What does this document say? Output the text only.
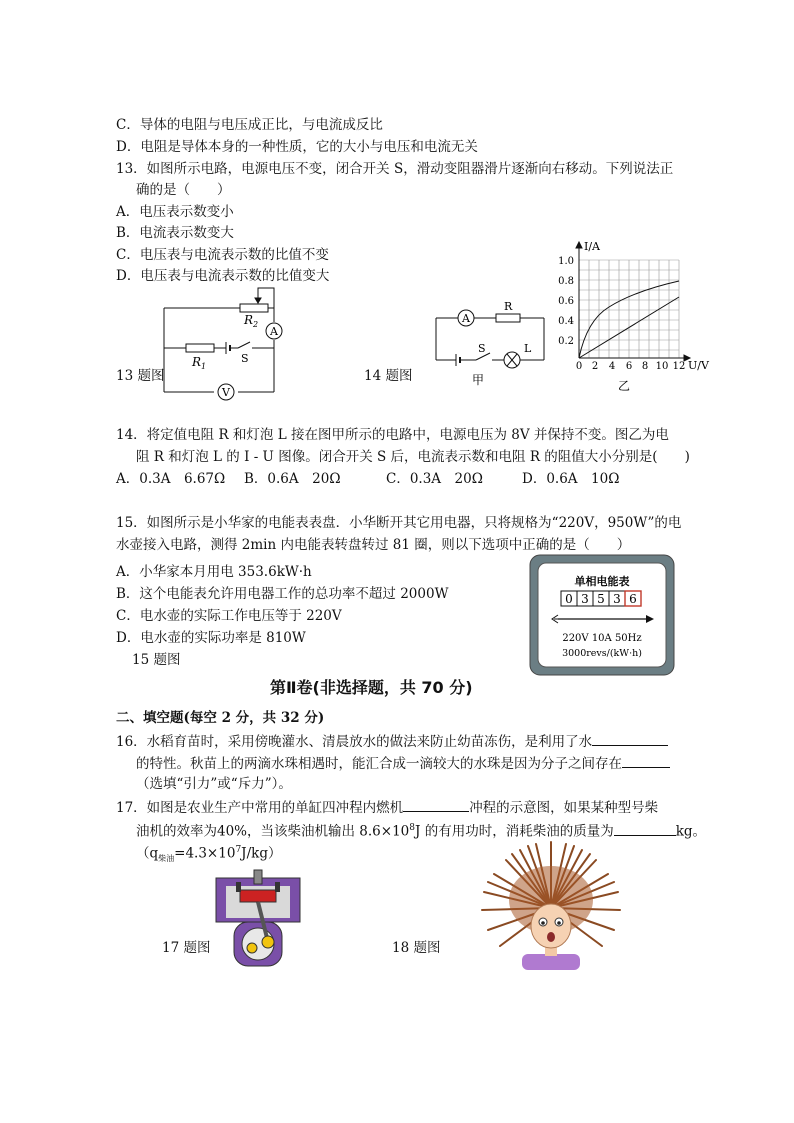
C．导体的电阻与电压成正比，与电流成反比
D．电阻是导体本身的一种性质，它的大小与电压和电流无关
13．如图所示电路，电源电压不变，闭合开关 S，滑动变阻器滑片逐渐向右移动。下列说法正
确的是（　　）
A．电压表示数变小
B．电流表示数变大
C．电压表与电流表示数的比值不变
D．电压表与电流表示数的比值变大
A
V
$R_2$
$R_1$
S
13 题图
A
R
S	L
甲
14 题图
I/A
U/V
1.0
0.8
0.6
0.4
0.2
0 2 4 6 8 10 12
乙
14．将定值电阻 R 和灯泡 L 接在图甲所示的电路中，电源电压为 8V 并保持不变。图乙为电
阻 R 和灯泡 L 的 I - U 图像。闭合开关 S 后，电流表示数和电阻 R 的阻值大小分别是(　　)
A．0.3A　6.67Ω B．0.6A　20Ω	C．0.3A　20Ω	D．0.6A　10Ω
15．如图所示是小华家的电能表表盘．小华断开其它用电器，只将规格为“220V，950W”的电
水壶接入电路，测得 2min 内电能表转盘转过 81 圈，则以下选项中正确的是（　　）
A．小华家本月用电 353.6kW·h
B．这个电能表允许用电器工作的总功率不超过 2000W
C．电水壶的实际工作电压等于 220V
D．电水壶的实际功率是 810W
15 题图
单相电能表
0 3 5 3 6
220V 10A 50Hz
3000revs/(kW·h)
第Ⅱ卷(非选择题，共 70 分)
二、填空题(每空 2 分，共 32 分)
16．水稻育苗时，采用傍晚灌水、清晨放水的做法来防止幼苗冻伤，是利用了水
的特性。秋苗上的两滴水珠相遇时，能汇合成一滴较大的水珠是因为分子之间存在
（选填“引力”或“斥力”）。
17．如图是农业生产中常用的单缸四冲程内燃机	冲程的示意图，如果某种型号柴
油机的效率为40%，当该柴油机输出 $8.6\times 10^8J$ 的有用功时，消耗柴油的质量为	kg。
$(q_{柴油}=4.3\times 10^7J/kg)$
17 题图	18 题图
